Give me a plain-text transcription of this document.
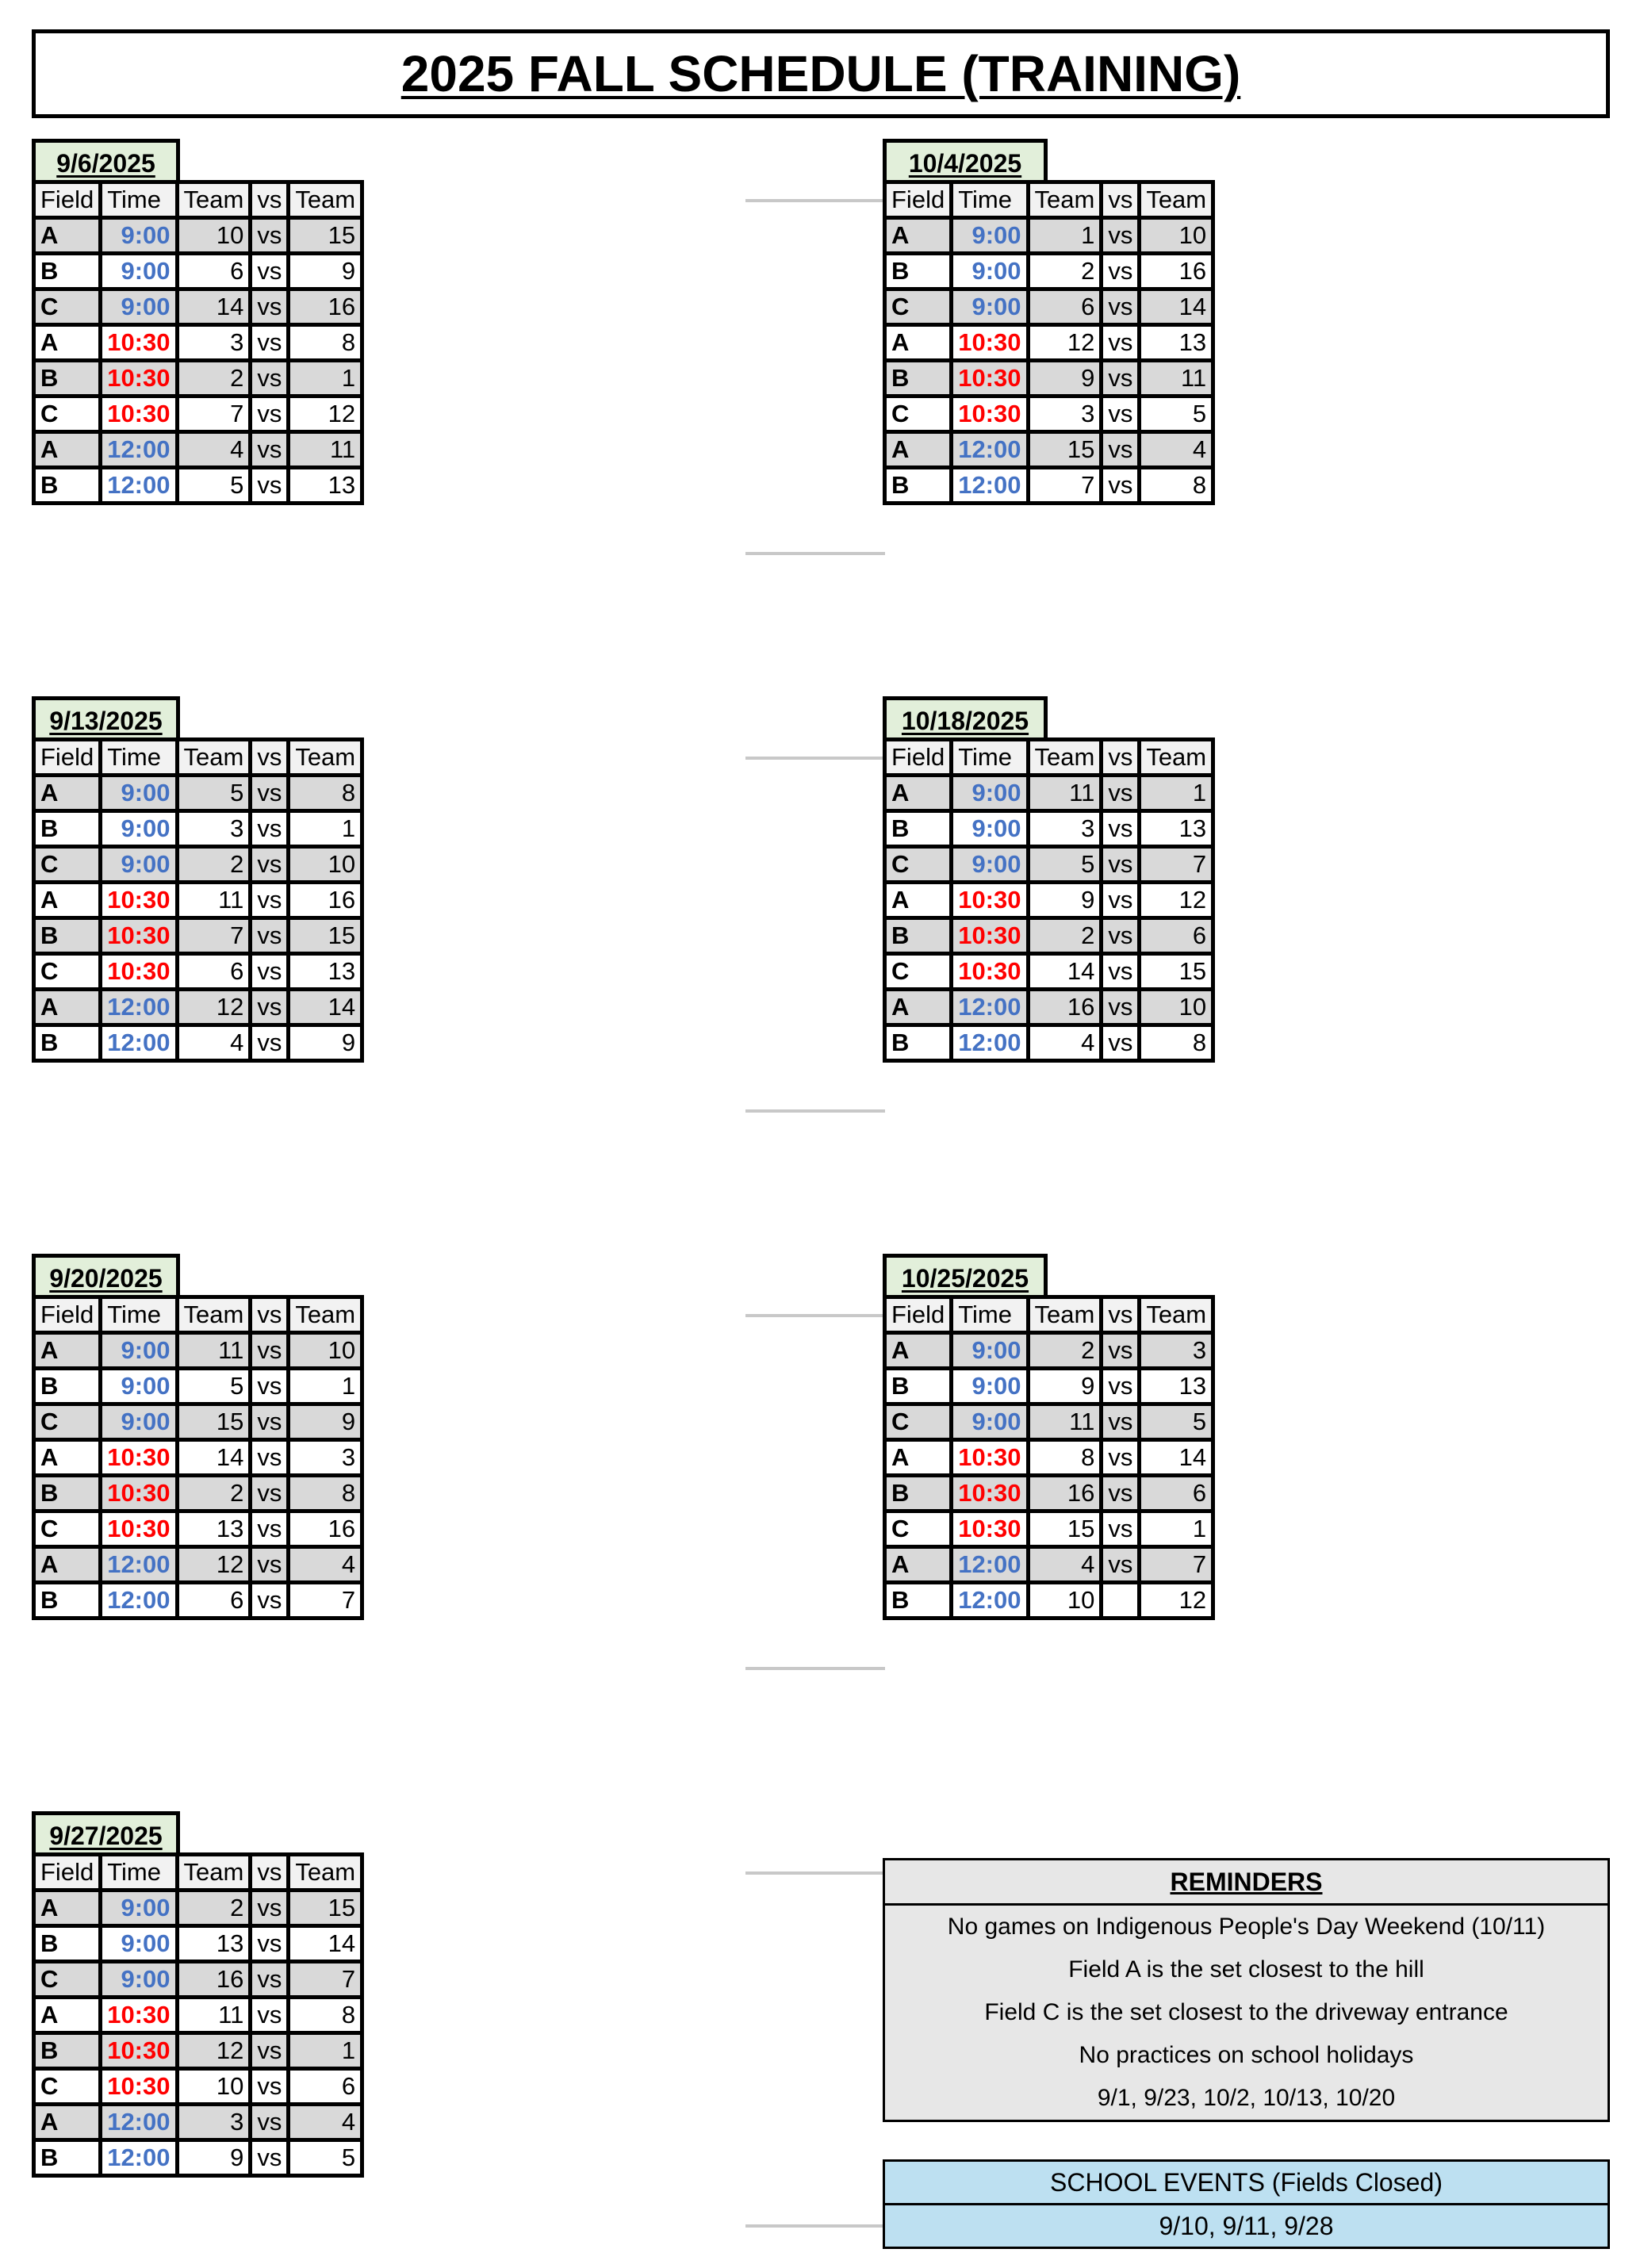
2025 FALL SCHEDULE (TRAINING)
9/6/2025
Field	Time	Team	vs	Team
A	9:00	10	vs	15
B	9:00	6	vs	9
C	9:00	14	vs	16
A	10:30	3	vs	8
B	10:30	2	vs	1
C	10:30	7	vs	12
A	12:00	4	vs	11
B	12:00	5	vs	13
10/4/2025
Field	Time	Team	vs	Team
A	9:00	1	vs	10
B	9:00	2	vs	16
C	9:00	6	vs	14
A	10:30	12	vs	13
B	10:30	9	vs	11
C	10:30	3	vs	5
A	12:00	15	vs	4
B	12:00	7	vs	8
9/13/2025
Field	Time	Team	vs	Team
A	9:00	5	vs	8
B	9:00	3	vs	1
C	9:00	2	vs	10
A	10:30	11	vs	16
B	10:30	7	vs	15
C	10:30	6	vs	13
A	12:00	12	vs	14
B	12:00	4	vs	9
10/18/2025
Field	Time	Team	vs	Team
A	9:00	11	vs	1
B	9:00	3	vs	13
C	9:00	5	vs	7
A	10:30	9	vs	12
B	10:30	2	vs	6
C	10:30	14	vs	15
A	12:00	16	vs	10
B	12:00	4	vs	8
9/20/2025
Field	Time	Team	vs	Team
A	9:00	11	vs	10
B	9:00	5	vs	1
C	9:00	15	vs	9
A	10:30	14	vs	3
B	10:30	2	vs	8
C	10:30	13	vs	16
A	12:00	12	vs	4
B	12:00	6	vs	7
10/25/2025
Field	Time	Team	vs	Team
A	9:00	2	vs	3
B	9:00	9	vs	13
C	9:00	11	vs	5
A	10:30	8	vs	14
B	10:30	16	vs	6
C	10:30	15	vs	1
A	12:00	4	vs	7
B	12:00	10		12
9/27/2025
Field	Time	Team	vs	Team
A	9:00	2	vs	15
B	9:00	13	vs	14
C	9:00	16	vs	7
A	10:30	11	vs	8
B	10:30	12	vs	1
C	10:30	10	vs	6
A	12:00	3	vs	4
B	12:00	9	vs	5
REMINDERS
No games on Indigenous People's Day Weekend (10/11)
Field A is the set closest to the hill
Field C is the set closest to the driveway entrance
No practices on school holidays
9/1, 9/23, 10/2, 10/13, 10/20
SCHOOL EVENTS (Fields Closed)
9/10, 9/11, 9/28
